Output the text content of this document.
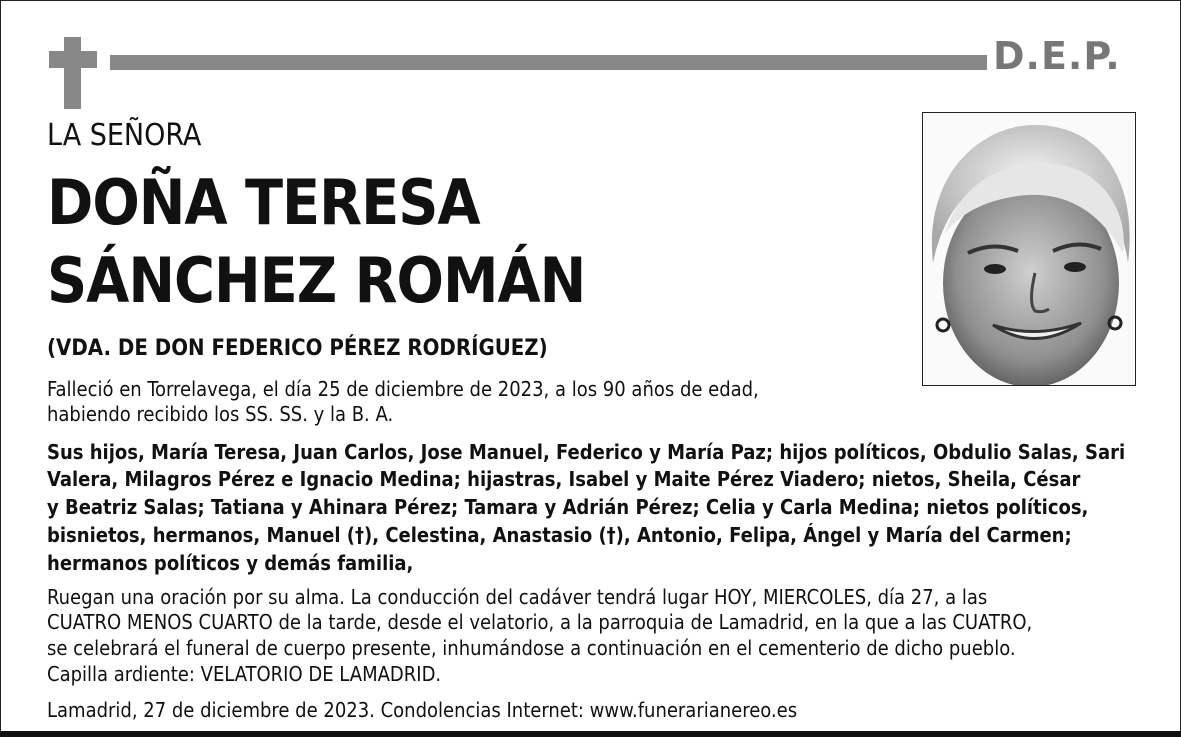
D.E.P.
LA SEÑORA
DOÑA TERESA
SÁNCHEZ ROMÁN
(VDA. DE DON FEDERICO PÉREZ RODRÍGUEZ)
Falleció en Torrelavega, el día 25 de diciembre de 2023, a los 90 años de edad,
habiendo recibido los SS. SS. y la B. A.
Sus hijos, María Teresa, Juan Carlos, Jose Manuel, Federico y María Paz; hijos políticos, Obdulio Salas, Sari
Valera, Milagros Pérez e Ignacio Medina; hijastras, Isabel y Maite Pérez Viadero; nietos, Sheila, César
y Beatriz Salas; Tatiana y Ahinara Pérez; Tamara y Adrián Pérez; Celia y Carla Medina; nietos políticos,
bisnietos, hermanos, Manuel (†), Celestina, Anastasio (†), Antonio, Felipa, Ángel y María del Carmen;
hermanos políticos y demás familia,
Ruegan una oración por su alma. La conducción del cadáver tendrá lugar HOY, MIERCOLES, día 27, a las
CUATRO MENOS CUARTO de la tarde, desde el velatorio, a la parroquia de Lamadrid, en la que a las CUATRO,
se celebrará el funeral de cuerpo presente, inhumándose a continuación en el cementerio de dicho pueblo.
Capilla ardiente: VELATORIO DE LAMADRID.
Lamadrid, 27 de diciembre de 2023. Condolencias Internet: www.funerarianereo.es
